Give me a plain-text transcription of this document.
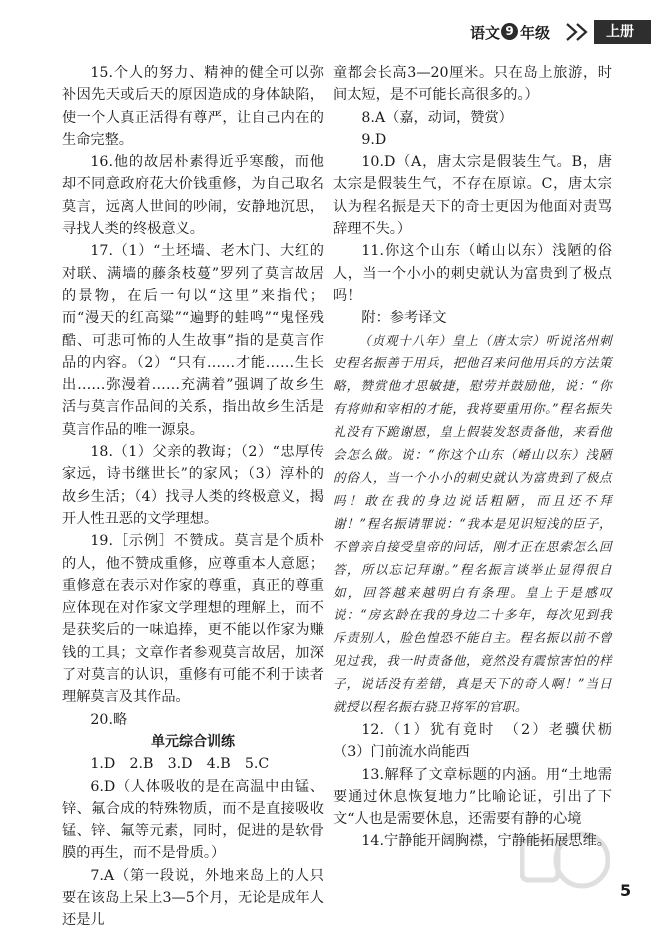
语文 9 年级	上册

15.个人的努力、精神的健全可以弥补因先天或后天的原因造成的身体缺陷，使一个人真正活得有尊严，让自己内在的生命完整。

16.他的故居朴素得近乎寒酸，而他却不同意政府花大价钱重修，为自己取名莫言，远离人世间的吵闹，安静地沉思，寻找人类的终极意义。

17.（1）“土坯墙、老木门、大红的对联、满墙的藤条枝蔓”罗列了莫言故居的景物，在后一句以“这里”来指代；而“漫天的红高粱”“遍野的蛙鸣”“鬼怪残酷、可悲可怖的人生故事”指的是莫言作品的内容。（2）“只有……才能……生长出……弥漫着……充满着”强调了故乡生活与莫言作品间的关系，指出故乡生活是莫言作品的唯一源泉。

18.（1）父亲的教诲；（2）“忠厚传家远，诗书继世长”的家风；（3）淳朴的故乡生活；（4）找寻人类的终极意义，揭开人性丑恶的文学理想。

19.［示例］不赞成。莫言是个质朴的人，他不赞成重修，应尊重本人意愿；重修意在表示对作家的尊重，真正的尊重应体现在对作家文学理想的理解上，而不是获奖后的一味追捧，更不能以作家为赚钱的工具；文章作者参观莫言故居，加深了对莫言的认识，重修有可能不利于读者理解莫言及其作品。

20.略

单元综合训练

1.D　2.B　3.D　4.B　5.C

6.D（人体吸收的是在高温中由锰、锌、氟合成的特殊物质，而不是直接吸收锰、锌、氟等元素，同时，促进的是软骨膜的再生，而不是骨质。）

7.A（第一段说，外地来岛上的人只要在该岛上呆上3—5个月，无论是成年人还是儿

童都会长高3—20厘米。只在岛上旅游，时间太短，是不可能长高很多的。）

8.A（嘉，动词，赞赏）

9.D

10.D（A，唐太宗是假装生气。B，唐太宗是假装生气，不存在原谅。C，唐太宗认为程名振是天下的奇士更因为他面对责骂辞理不失。）

11.你这个山东（崤山以东）浅陋的俗人，当一个小小的刺史就认为富贵到了极点吗！

附：参考译文

（贞观十八年）皇上（唐太宗）听说洺州刺史程名振善于用兵，把他召来问他用兵的方法策略，赞赏他才思敏捷，慰劳并鼓励他，说：“你有将帅和宰相的才能，我将要重用你。”程名振失礼没有下跪谢恩，皇上假装发怒责备他，来看他会怎么做。说：“你这个山东（崤山以东）浅陋的俗人，当一个小小的刺史就认为富贵到了极点吗！敢在我的身边说话粗陋，而且还不拜谢！”程名振请罪说：“我本是见识短浅的臣子，不曾亲自接受皇帝的问话，刚才正在思索怎么回答，所以忘记拜谢。”程名振言谈举止显得很自如，回答越来越明白有条理。皇上于是感叹说：“房玄龄在我的身边二十多年，每次见到我斥责别人，脸色惶恐不能自主。程名振以前不曾见过我，我一时责备他，竟然没有震惊害怕的样子，说话没有差错，真是天下的奇人啊！”当日就授以程名振右骁卫将军的官职。

12.（1）犹有竟时　（2）老骥伏枥　（3）门前流水尚能西

13.解释了文章标题的内涵。用“土地需要通过休息恢复地力”比喻论证，引出了下文“人也是需要休息，还需要有静的心境

14.宁静能开阔胸襟，宁静能拓展思维。

5
